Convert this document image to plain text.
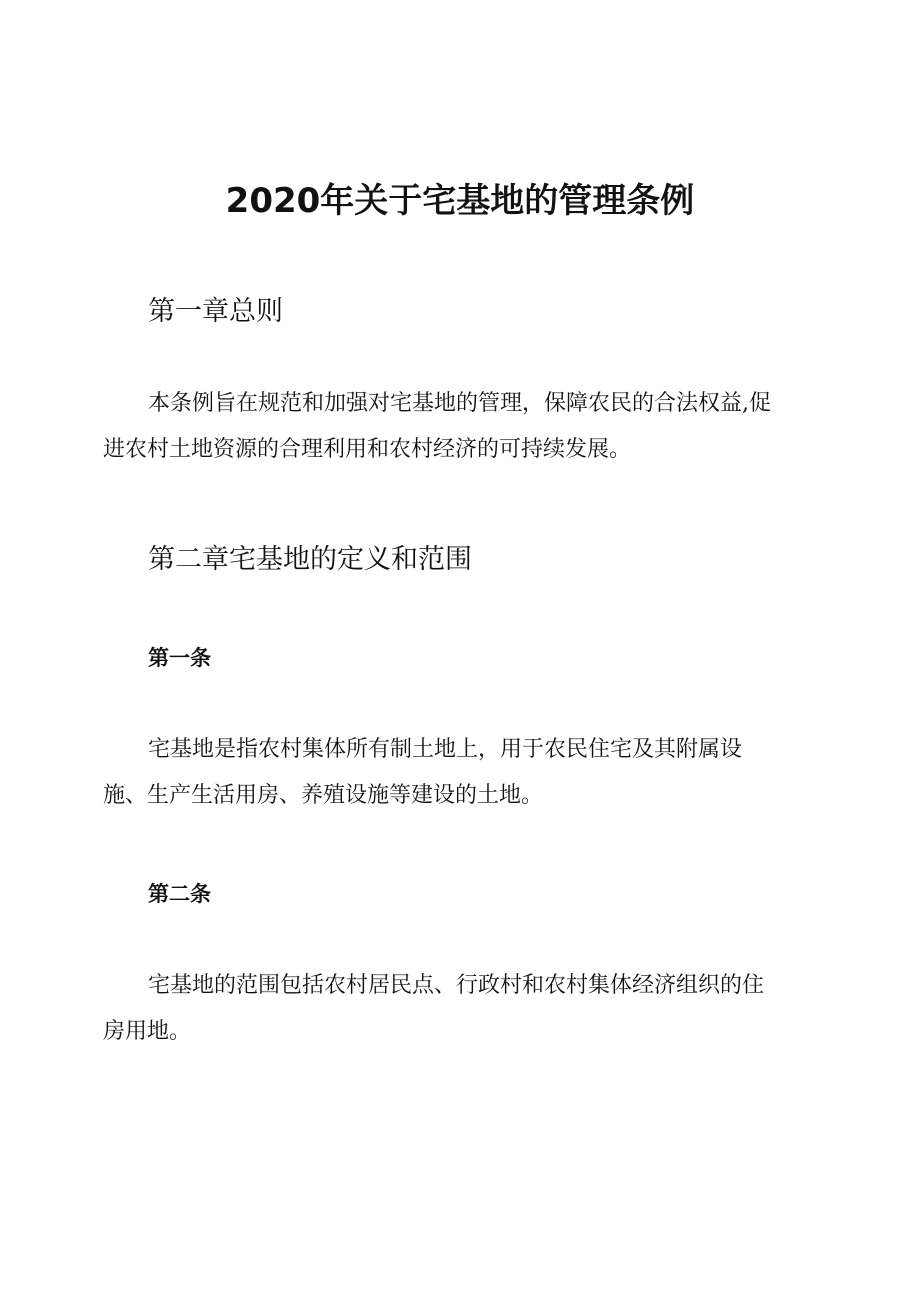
2020年关于宅基地的管理条例
第一章总则

本条例旨在规范和加强对宅基地的管理，保障农民的合法权益,促
进农村土地资源的合理利用和农村经济的可持续发展。

第二章宅基地的定义和范围
第一条

宅基地是指农村集体所有制土地上，用于农民住宅及其附属设
施、生产生活用房、养殖设施等建设的土地。

第二条

宅基地的范围包括农村居民点、行政村和农村集体经济组织的住
房用地。
